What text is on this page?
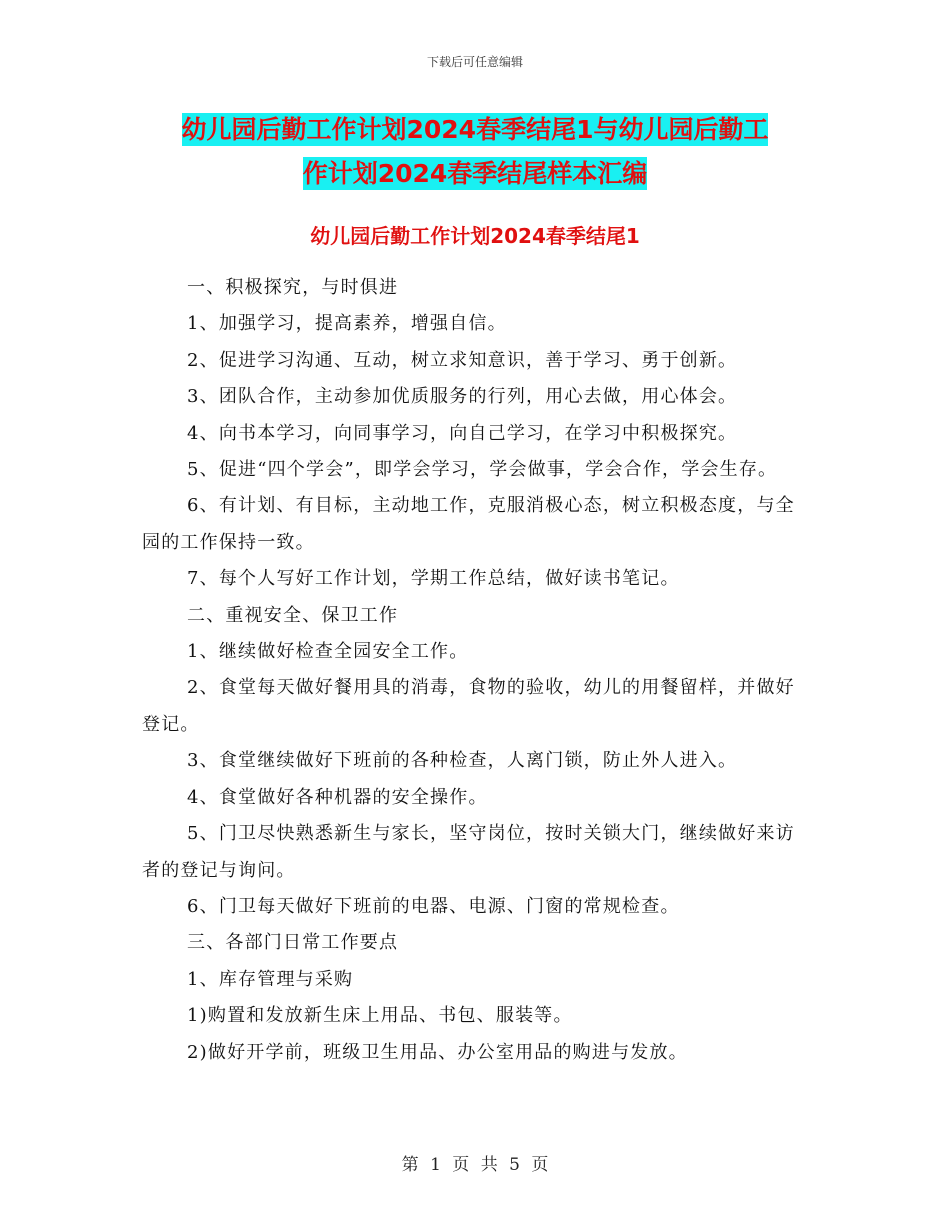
下载后可任意编辑
幼儿园后勤工作计划2024春季结尾1与幼儿园后勤工
作计划2024春季结尾样本汇编
幼儿园后勤工作计划2024春季结尾1

一、积极探究，与时俱进

1、加强学习，提高素养，增强自信。

2、促进学习沟通、互动，树立求知意识，善于学习、勇于创新。

3、团队合作，主动参加优质服务的行列，用心去做，用心体会。

4、向书本学习，向同事学习，向自己学习，在学习中积极探究。

5、促进“四个学会”，即学会学习，学会做事，学会合作，学会生存。

6、有计划、有目标，主动地工作，克服消极心态，树立积极态度，与全园的工作保持一致。

7、每个人写好工作计划，学期工作总结，做好读书笔记。

二、重视安全、保卫工作

1、继续做好检查全园安全工作。

2、食堂每天做好餐用具的消毒，食物的验收，幼儿的用餐留样，并做好登记。

3、食堂继续做好下班前的各种检查，人离门锁，防止外人进入。

4、食堂做好各种机器的安全操作。

5、门卫尽快熟悉新生与家长，坚守岗位，按时关锁大门，继续做好来访者的登记与询问。

6、门卫每天做好下班前的电器、电源、门窗的常规检查。

三、各部门日常工作要点

1、库存管理与采购

1)购置和发放新生床上用品、书包、服装等。

2)做好开学前，班级卫生用品、办公室用品的购进与发放。

第 1 页 共 5 页
